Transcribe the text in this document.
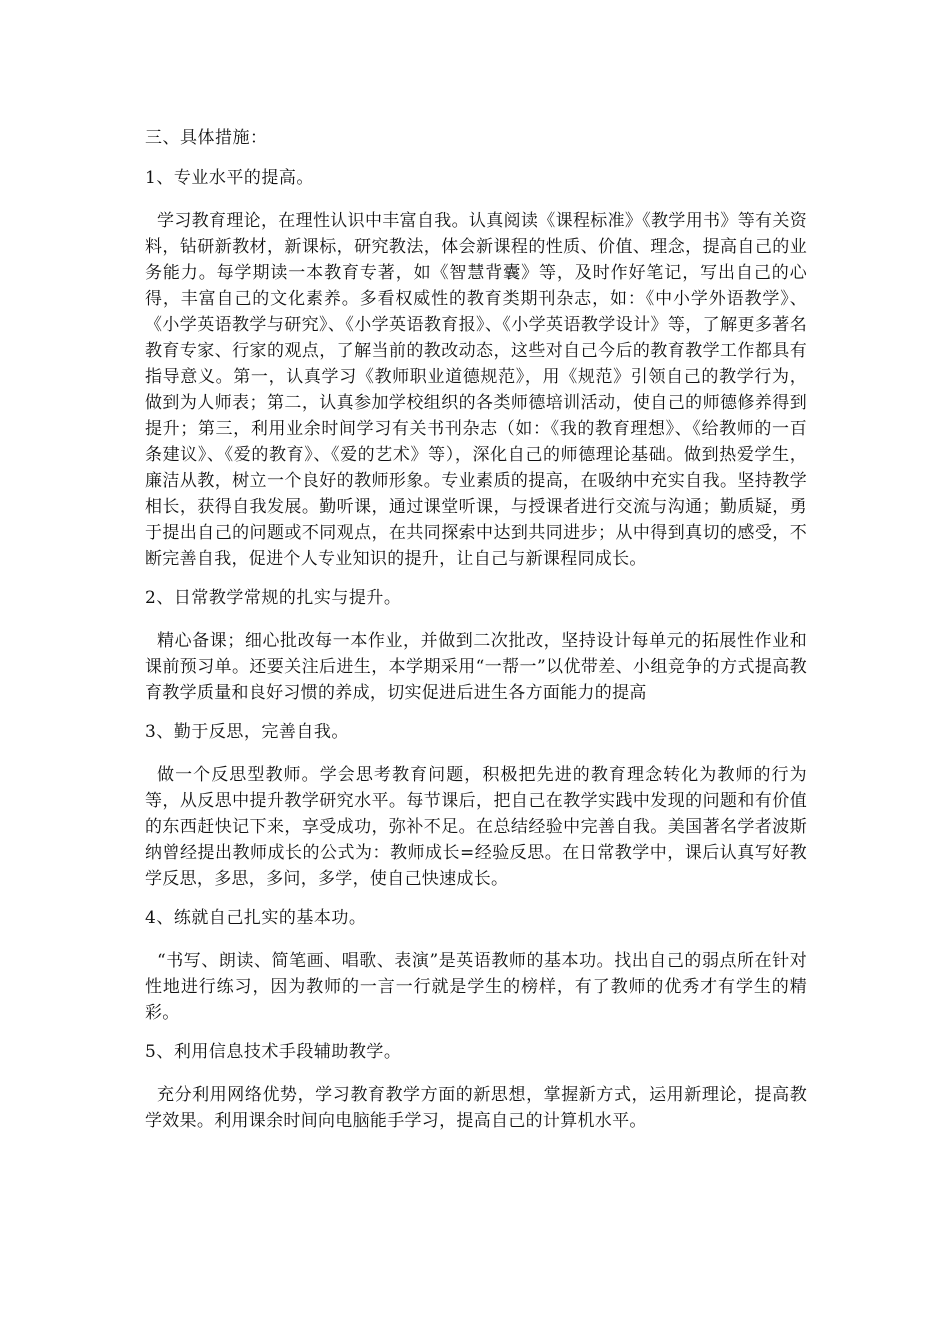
三、具体措施：

1、专业水平的提高。

学习教育理论，在理性认识中丰富自我。认真阅读《课程标准》《教学用书》等有关资料，钻研新教材，新课标，研究教法，体会新课程的性质、价值、理念，提高自己的业务能力。每学期读一本教育专著，如《智慧背囊》等，及时作好笔记，写出自己的心得，丰富自己的文化素养。多看权威性的教育类期刊杂志，如：《中小学外语教学》、《小学英语教学与研究》、《小学英语教育报》、《小学英语教学设计》等，了解更多著名教育专家、行家的观点，了解当前的教改动态，这些对自己今后的教育教学工作都具有指导意义。第一，认真学习《教师职业道德规范》，用《规范》引领自己的教学行为，做到为人师表；第二，认真参加学校组织的各类师德培训活动，使自己的师德修养得到提升；第三，利用业余时间学习有关书刊杂志（如：《我的教育理想》、《给教师的一百条建议》、《爱的教育》、《爱的艺术》等），深化自己的师德理论基础。做到热爱学生，廉洁从教，树立一个良好的教师形象。专业素质的提高，在吸纳中充实自我。坚持教学相长，获得自我发展。勤听课，通过课堂听课，与授课者进行交流与沟通；勤质疑，勇于提出自己的问题或不同观点，在共同探索中达到共同进步；从中得到真切的感受，不断完善自我，促进个人专业知识的提升，让自己与新课程同成长。

2、日常教学常规的扎实与提升。

精心备课；细心批改每一本作业，并做到二次批改，坚持设计每单元的拓展性作业和课前预习单。还要关注后进生，本学期采用“一帮一”以优带差、小组竞争的方式提高教育教学质量和良好习惯的养成，切实促进后进生各方面能力的提高

3、勤于反思，完善自我。

做一个反思型教师。学会思考教育问题，积极把先进的教育理念转化为教师的行为等，从反思中提升教学研究水平。每节课后，把自己在教学实践中发现的问题和有价值的东西赶快记下来，享受成功，弥补不足。在总结经验中完善自我。美国著名学者波斯纳曾经提出教师成长的公式为：教师成长=经验反思。在日常教学中，课后认真写好教学反思，多思，多问，多学，使自己快速成长。

4、练就自己扎实的基本功。

“书写、朗读、简笔画、唱歌、表演”是英语教师的基本功。找出自己的弱点所在针对性地进行练习，因为教师的一言一行就是学生的榜样，有了教师的优秀才有学生的精彩。

5、利用信息技术手段辅助教学。

充分利用网络优势，学习教育教学方面的新思想，掌握新方式，运用新理论，提高教学效果。利用课余时间向电脑能手学习，提高自己的计算机水平。
